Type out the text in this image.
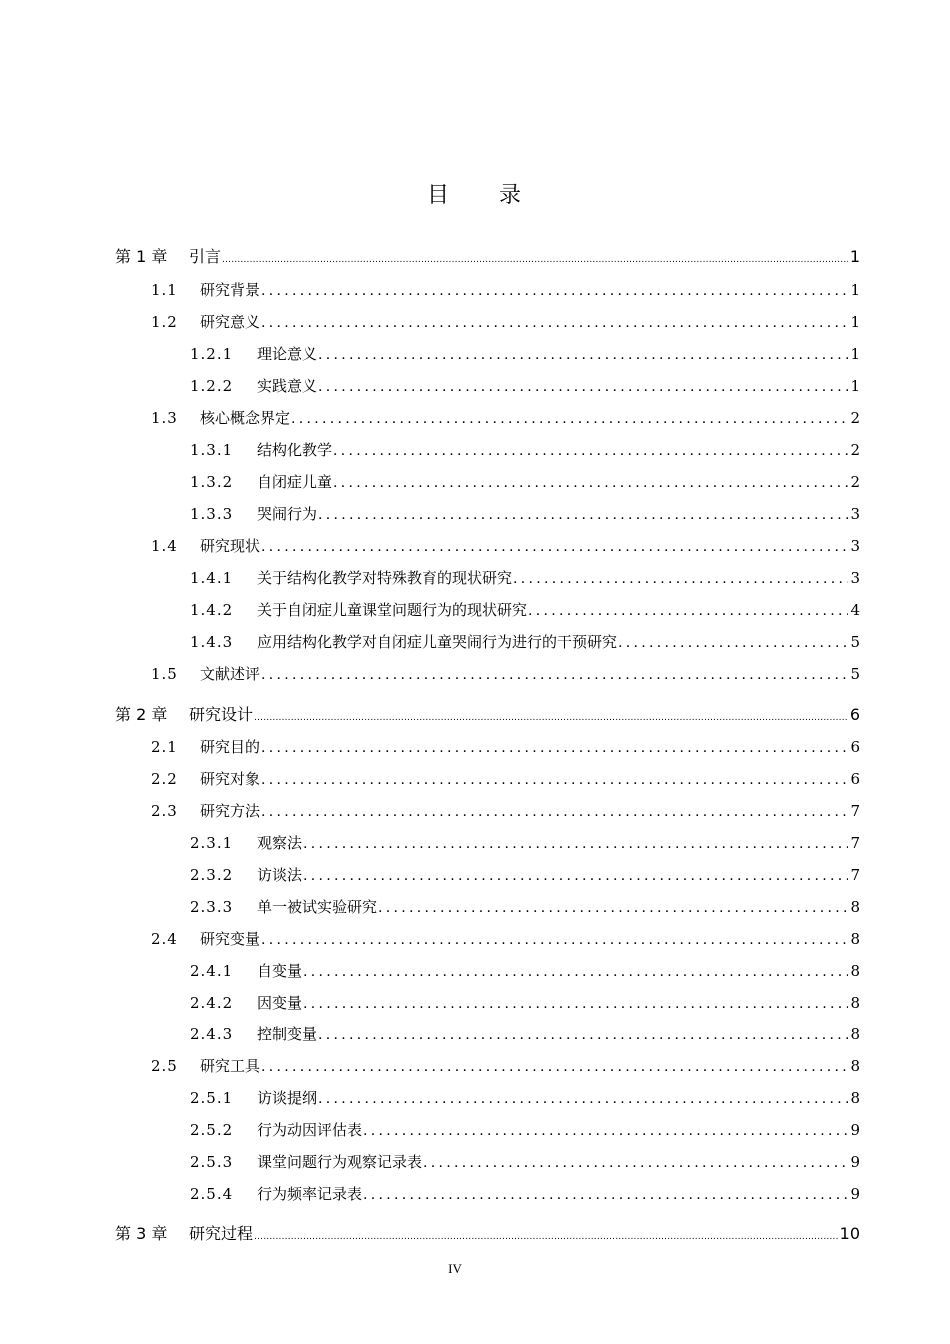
目 录
第 1 章	引言 .....	1
1.1	研究背景 .....	1
1.2	研究意义 .....	1
1.2.1	理论意义 .....	1
1.2.2	实践意义 .....	1
1.3	核心概念界定 .....	2
1.3.1	结构化教学 .....	2
1.3.2	自闭症儿童 .....	2
1.3.3	哭闹行为 .....	3
1.4	研究现状 .....	3
1.4.1	关于结构化教学对特殊教育的现状研究 .....	3
1.4.2	关于自闭症儿童课堂问题行为的现状研究 .....	4
1.4.3	应用结构化教学对自闭症儿童哭闹行为进行的干预研究 .....	5
1.5	文献述评 .....	5
第 2 章	研究设计 .....	6
2.1	研究目的 .....	6
2.2	研究对象 .....	6
2.3	研究方法 .....	7
2.3.1	观察法 .....	7
2.3.2	访谈法 .....	7
2.3.3	单一被试实验研究 .....	8
2.4	研究变量 .....	8
2.4.1	自变量 .....	8
2.4.2	因变量 .....	8
2.4.3	控制变量 .....	8
2.5	研究工具 .....	8
2.5.1	访谈提纲 .....	8
2.5.2	行为动因评估表 .....	9
2.5.3	课堂问题行为观察记录表 .....	9
2.5.4	行为频率记录表 .....	9
第 3 章	研究过程 .....	10
IV
